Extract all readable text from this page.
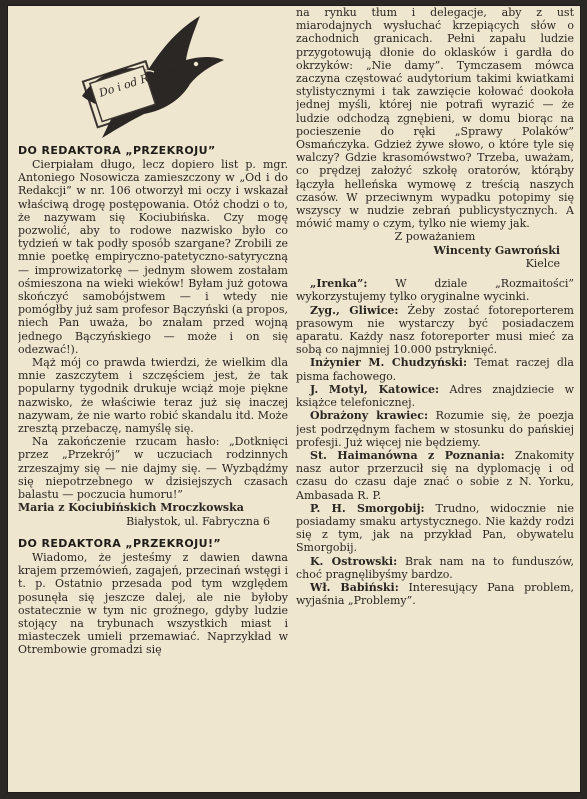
Do i od Redakcji
DO REDAKTORA „PRZEKROJU”

Cierpiałam długo, lecz dopiero list p. mgr. Antoniego Nosowicza zamieszczony w „Od i do Redakcji” w nr. 106 otworzył mi oczy i wskazał właściwą drogę postępowania. Otóż chodzi o to, że nazywam się Kociubińska. Czy mogę pozwolić, aby to rodowe nazwisko było co tydzień w tak podły sposób szargane? Zrobili ze mnie poetkę empiryczno-patetyczno-satyryczną — improwizatorkę — jednym słowem zostałam ośmieszona na wieki wieków! Byłam już gotowa skończyć samobójstwem — i wtedy nie pomógłby już sam profesor Bączyński (a propos, niech Pan uważa, bo znałam przed wojną jednego Bączyńskiego — może i on się odezwać!).

Mąż mój co prawda twierdzi, że wielkim dla mnie zaszczytem i szczęściem jest, że tak popularny tygodnik drukuje wciąż moje piękne nazwisko, że właściwie teraz już się inaczej nazywam, że nie warto robić skandalu itd. Może zresztą przebaczę, namyślę się.

Na zakończenie rzucam hasło: „Dotknięci przez „Przekrój” w uczuciach rodzinnych zrzeszajmy się — nie dajmy się. — Wyzbądźmy się niepotrzebnego w dzisiejszych czasach balastu — poczucia humoru!”

Maria z Kociubińskich Mroczkowska

Białystok, ul. Fabryczna 6

DO REDAKTORA „PRZEKROJU!”

Wiadomo, że jesteśmy z dawien dawna krajem przemówień, zagajeń, przecinań wstęgi i t. p. Ostatnio przesada pod tym względem posunęła się jeszcze dalej, ale nie byłoby ostatecznie w tym nic groźnego, gdyby ludzie stojący na trybunach wszystkich miast i miasteczek umieli przemawiać. Naprzykład w Otrembowie gromadzi się

na rynku tłum i delegacje, aby z ust miarodajnych wysłuchać krzepiących słów o zachodnich granicach. Pełni zapału ludzie przygotowują dłonie do oklasków i gardła do okrzyków: „Nie damy”. Tymczasem mówca zaczyna częstować audytorium takimi kwiatkami stylistycznymi i tak zawzięcie kołować dookoła jednej myśli, której nie potrafi wyrazić — że ludzie odchodzą zgnębieni, w domu biorąc na pocieszenie do ręki „Sprawy Polaków” Osmańczyka. Gdzież żywe słowo, o które tyle się walczy? Gdzie krasomówstwo? Trzeba, uważam, co prędzej założyć szkołę oratorów, którąby łączyła helleńska wymowę z treścią naszych czasów. W przeciwnym wypadku potopimy się wszyscy w nudzie zebrań publicystycznych. A mówić mamy o czym, tylko nie wiemy jak.

Z poważaniem

Wincenty Gawroński

Kielce

„Irenka”:	W dziale „Rozmaitości” wykorzystujemy tylko oryginalne wycinki.

Zyg., Gliwice: Żeby zostać fotoreporterem prasowym nie wystarczy być posiadaczem aparatu. Każdy nasz fotoreporter musi mieć za sobą co najmniej 10.000 pstryknięć.

Inżynier M. Chudzyński: Temat raczej dla pisma fachowego.

J. Motyl, Katowice: Adres znajdziecie w książce telefonicznej.

Obrażony krawiec: Rozumie się, że poezja jest podrzędnym fachem w stosunku do pańskiej profesji. Już więcej nie będziemy.

St. Haimanówna z Poznania: Znakomity nasz autor przerzucił się na dyplomację i od czasu do czasu daje znać o sobie z N. Yorku, Ambasada R. P.

P. H. Smorgobij: Trudno, widocznie nie posiadamy smaku artystycznego. Nie każdy rodzi się z tym, jak na przykład Pan, obywatelu Smorgobij.

K. Ostrowski: Brak nam na to funduszów, choć pragnęlibyśmy bardzo.

Wł. Babiński: Interesujący Pana problem, wyjaśnia „Problemy”.
